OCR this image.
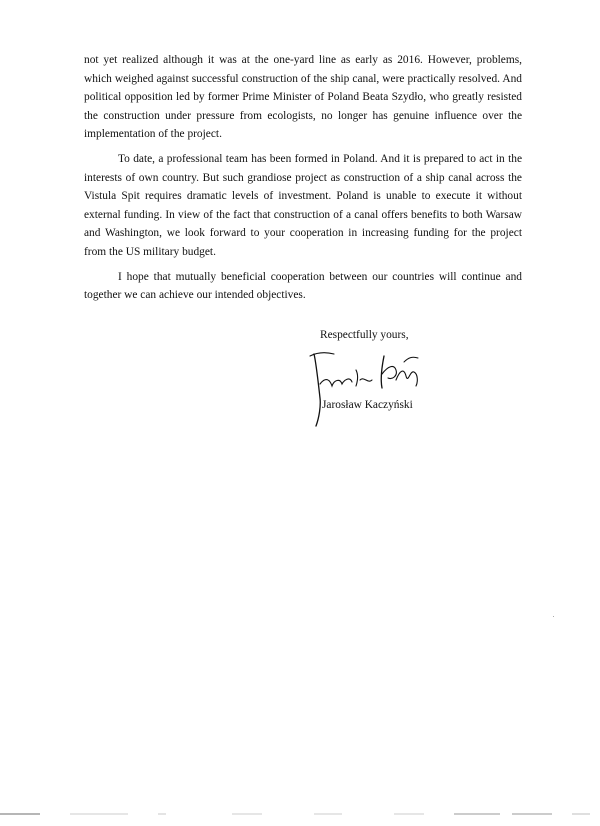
not yet realized although it was at the one-yard line as early as 2016. However, problems, which weighed against successful construction of the ship canal, were practically resolved. And political opposition led by former Prime Minister of Poland Beata Szydło, who greatly resisted the construction under pressure from ecologists, no longer has genuine influence over the implementation of the project.

To date, a professional team has been formed in Poland. And it is prepared to act in the interests of own country. But such grandiose project as construction of a ship canal across the Vistula Spit requires dramatic levels of investment. Poland is unable to execute it without external funding. In view of the fact that construction of a canal offers benefits to both Warsaw and Washington, we look forward to your cooperation in increasing funding for the project from the US military budget.

I hope that mutually beneficial cooperation between our countries will continue and together we can achieve our intended objectives.

Respectfully yours,
Jarosław Kaczyński
